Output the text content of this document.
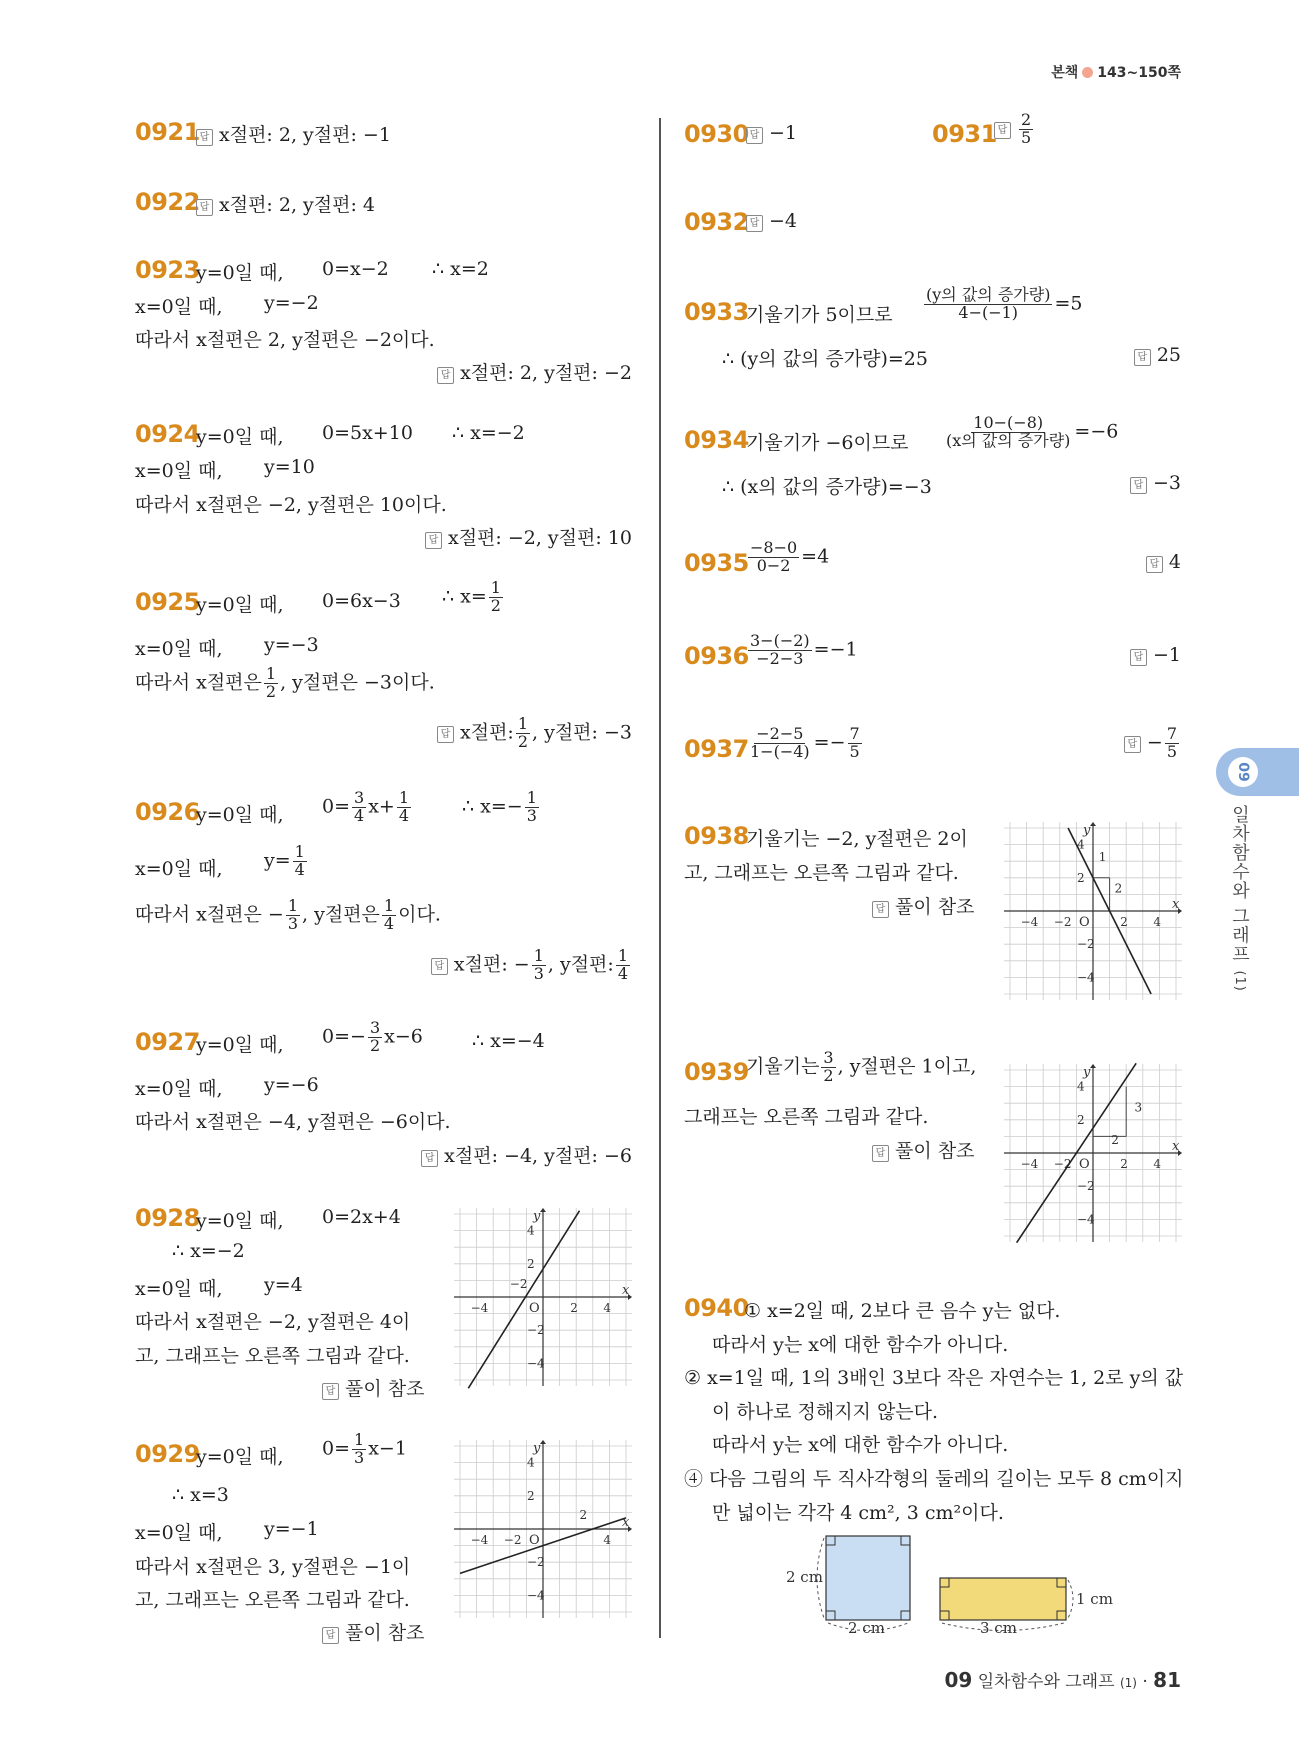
본책 143~150쪽
0921 답 x절편: 2, y절편: −1
0922 답 x절편: 2, y절편: 4
0923
y=0일 때, 0=x−2 ∴ x=2
x=0일 때, y=−2
따라서 x절편은 2, y절편은 −2이다.
답 x절편: 2, y절편: −2
0924
y=0일 때, 0=5x+10 ∴ x=−2
x=0일 때, y=10
따라서 x절편은 −2, y절편은 10이다.
답 x절편: −2, y절편: 10
0925
y=0일 때, 0=6x−3 ∴ $x= \frac{1}{2}$
x=0일 때, y=−3
따라서 x절편은 $\frac{1}{2}$ , y절편은 −3이다.
답 x절편: $\frac{1}{2}$ , y절편: −3
0926
y=0일 때, $0= \frac{3}{4} x+ \frac{1}{4}$	∴ $x=- \frac{1}{3}$
x=0일 때, $y= \frac{1}{4}$
따라서 x절편은 − $\frac{1}{3}$ , y절편은 $\frac{1}{4}$ 이다.
답 x절편: − $\frac{1}{3}$ , y절편: $\frac{1}{4}$
0927
y=0일 때, $0=- \frac{3}{2} x-6$	∴ x=−4
x=0일 때, y=−6
따라서 x절편은 −4, y절편은 −6이다.
답 x절편: −4, y절편: −6
0928
y=0일 때, 0=2x+4
∴ x=−2
x=0일 때, y=4
따라서 x절편은 −2, y절편은 4이
고, 그래프는 오른쪽 그림과 같다.
답 풀이 참조
0929
y=0일 때, $0= \frac{1}{3} x-1$
∴ x=3
x=0일 때, y=−1
따라서 x절편은 3, y절편은 −1이
고, 그래프는 오른쪽 그림과 같다.
답 풀이 참조
x
y
O	2 4
−4
2
4
−2
−4
−2
x
y
O
−2
−4	4
2
4
−2
−4
2
0930 답 −1	0931 답 $\frac{2}{5}$
0932 답 −4
0933
기울기가 5이므로 $\frac{\text{(y의 값의 증가량)}}{4-(-1)} =5$
∴ (y의 값의 증가량)=25	답 25
0934
기울기가 −6이므로 $\frac{10-(-8)}{\text{(x의 값의 증가량)}} =-6$
∴ (x의 값의 증가량)=−3	답 −3
$0935 \frac{-8-0}{0-2} =4$	답 4
$0936 \frac{3-(-2)}{-2-3} =-1$	답 −1
$0937 \frac{-2-5}{1-(-4)} =- \frac{7}{5}$	답 − $\frac{7}{5}$
0938
기울기는 −2, y절편은 2이
고, 그래프는 오른쪽 그림과 같다.
답 풀이 참조	x
y
O
−2
−4	2 4
2
4
−2
−4
1
2
0939
기울기는 $\frac{3}{2}$ , y절편은 1이고,
그래프는 오른쪽 그림과 같다.
답 풀이 참조	x
y
O
−2
−4	2 4
2
4
−2
−4
2
3
0940
① x=2일 때, 2보다 큰 음수 y는 없다.
따라서 y는 x에 대한 함수가 아니다.
② x=1일 때, 1의 3배인 3보다 작은 자연수는 1, 2로 y의 값
이 하나로 정해지지 않는다.
따라서 y는 x에 대한 함수가 아니다.
④ 다음 그림의 두 직사각형의 둘레의 길이는 모두 8 cm이지
만 넓이는 각각 4 cm², 3 cm²이다.
2 cm
2 cm
1 cm
3 cm
09
일차함수와 그래프 (1)
09 일차함수와 그래프 (1) · 81
